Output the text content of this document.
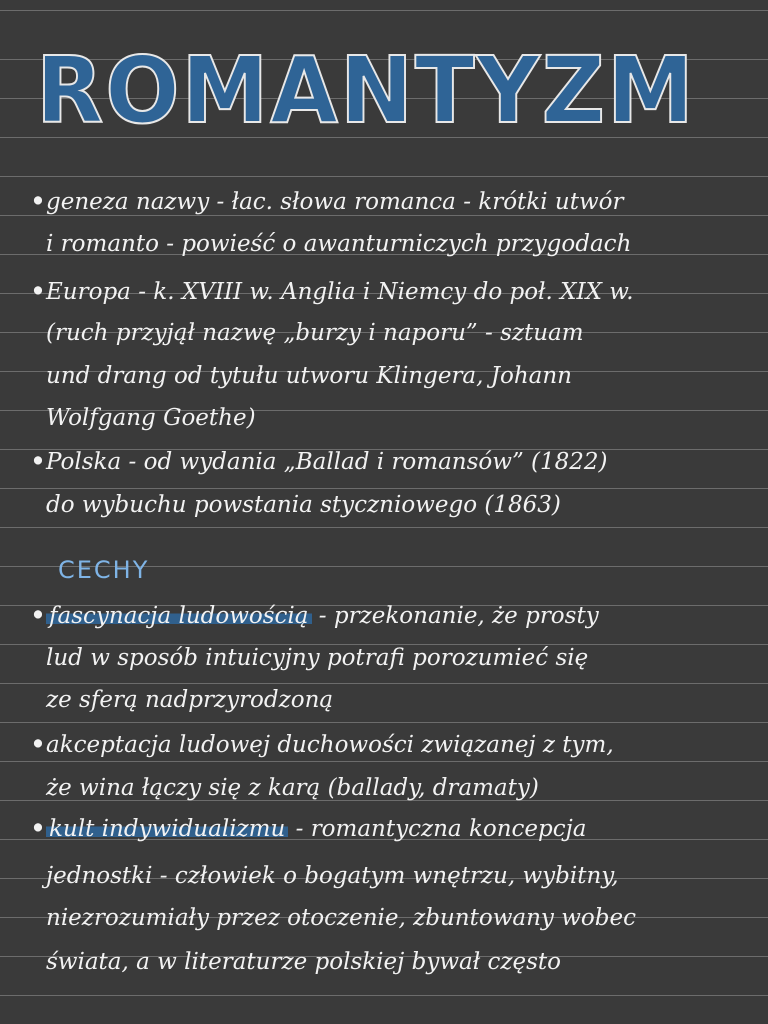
ROMANTYZM
•geneza nazwy - łac. słowa romanca - krótki utwór
i romanto - powieść o awanturniczych przygodach
•Europa - k. XVIII w. Anglia i Niemcy do poł. XIX w.
(ruch przyjął nazwę „burzy i naporu” - sztuam
und drang od tytułu utworu Klingera, Johann
Wolfgang Goethe)
•Polska - od wydania „Ballad i romansów” (1822)
do wybuchu powstania styczniowego (1863)
CECHY
• fascynacja ludowością - przekonanie, że prosty
lud w sposób intuicyjny potrafi porozumieć się
ze sferą nadprzyrodzoną
•akceptacja ludowej duchowości związanej z tym,
że wina łączy się z karą (ballady, dramaty)
• kult indywidualizmu - romantyczna koncepcja
jednostki - człowiek o bogatym wnętrzu, wybitny,
niezrozumiały przez otoczenie, zbuntowany wobec
świata, a w literaturze polskiej bywał często
